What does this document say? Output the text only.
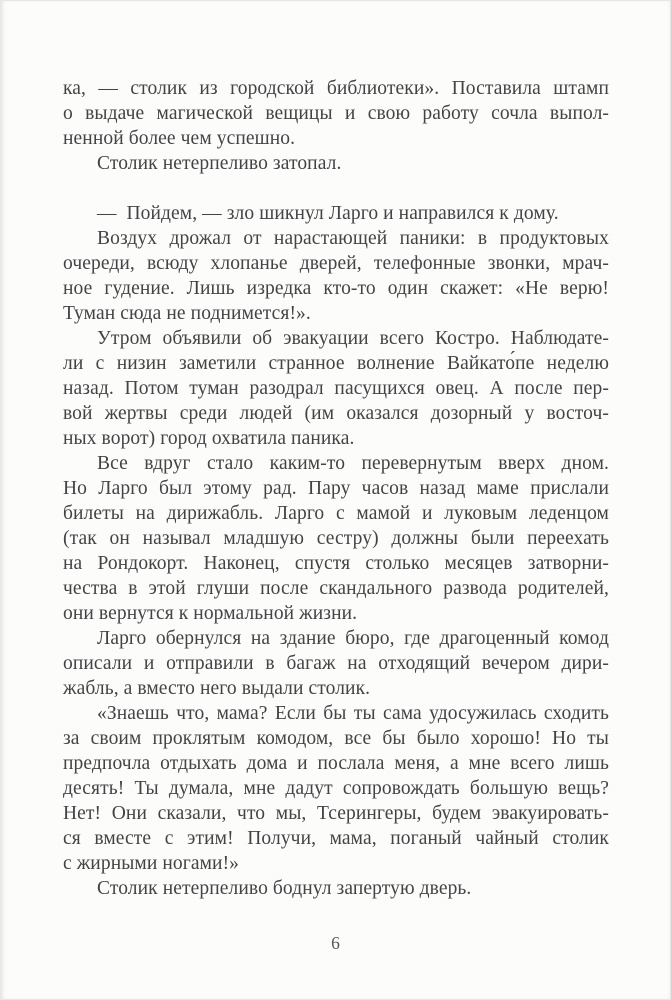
ка, — столик из городской библиотеки». Поставила штамп
о выдаче магической вещицы и свою работу сочла выпол-
ненной более чем успешно.
Столик нетерпеливо затопал.
— Пойдем, — зло шикнул Ларго и направился к дому.
Воздух дрожал от нарастающей паники: в продуктовых
очереди, всюду хлопанье дверей, телефонные звонки, мрач-
ное гудение. Лишь изредка кто-то один скажет: «Не верю!
Туман сюда не поднимется!».
Утром объявили об эвакуации всего Костро. Наблюдате-
ли с низин заметили странное волнение Вайкато́пе неделю
назад. Потом туман разодрал пасущихся овец. А после пер-
вой жертвы среди людей (им оказался дозорный у восточ-
ных ворот) город охватила паника.
Все вдруг стало каким-то перевернутым вверх дном.
Но Ларго был этому рад. Пару часов назад маме прислали
билеты на дирижабль. Ларго с мамой и луковым леденцом
(так он называл младшую сестру) должны были переехать
на Рондокорт. Наконец, спустя столько месяцев затворни-
чества в этой глуши после скандального развода родителей,
они вернутся к нормальной жизни.
Ларго обернулся на здание бюро, где драгоценный комод
описали и отправили в багаж на отходящий вечером дири-
жабль, а вместо него выдали столик.
«Знаешь что, мама? Если бы ты сама удосужилась сходить
за своим проклятым комодом, все бы было хорошо! Но ты
предпочла отдыхать дома и послала меня, а мне всего лишь
десять! Ты думала, мне дадут сопровождать большую вещь?
Нет! Они сказали, что мы, Тсерингеры, будем эвакуировать-
ся вместе с этим! Получи, мама, поганый чайный столик
с жирными ногами!»
Столик нетерпеливо боднул запертую дверь.
6
